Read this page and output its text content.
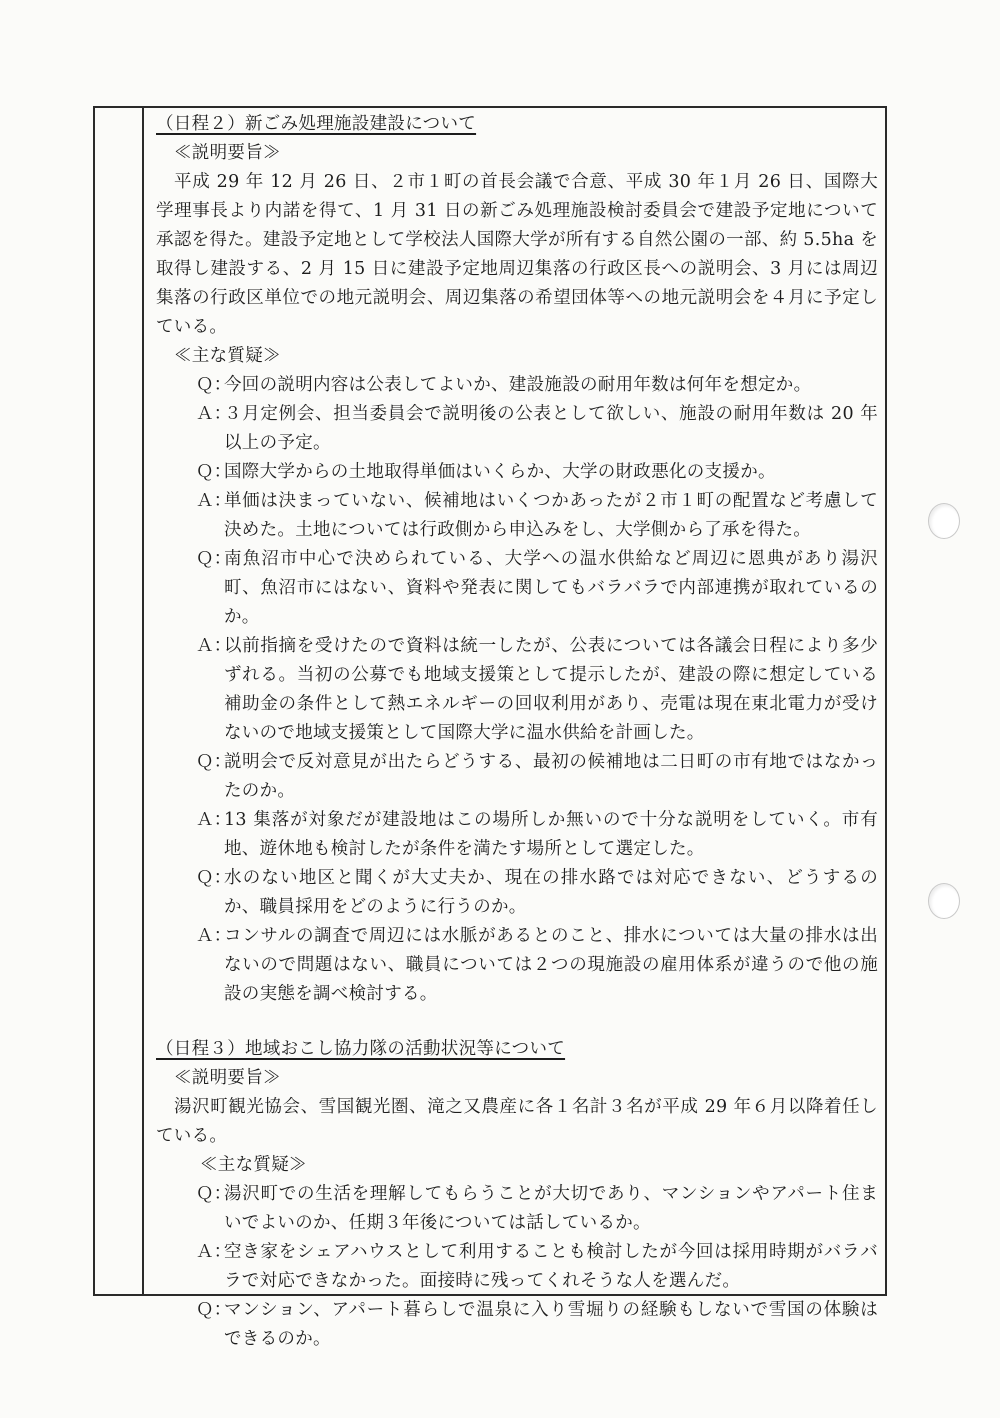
（日程２）新ごみ処理施設建設について
≪説明要旨≫
平成 29 年 12 月 26 日、２市１町の首長会議で合意、平成 30 年１月 26 日、国際大学理事長より内諾を得て、1 月 31 日の新ごみ処理施設検討委員会で建設予定地について承認を得た。建設予定地として学校法人国際大学が所有する自然公園の一部、約 5.5ha を取得し建設する、2 月 15 日に建設予定地周辺集落の行政区長への説明会、3 月には周辺集落の行政区単位での地元説明会、周辺集落の希望団体等への地元説明会を４月に予定している。
≪主な質疑≫
Ｑ：
今回の説明内容は公表してよいか、建設施設の耐用年数は何年を想定か。
Ａ：
３月定例会、担当委員会で説明後の公表として欲しい、施設の耐用年数は 20 年以上の予定。
Ｑ：
国際大学からの土地取得単価はいくらか、大学の財政悪化の支援か。
Ａ：
単価は決まっていない、候補地はいくつかあったが２市１町の配置など考慮して決めた。土地については行政側から申込みをし、大学側から了承を得た。
Ｑ：
南魚沼市中心で決められている、大学への温水供給など周辺に恩典があり湯沢町、魚沼市にはない、資料や発表に関してもバラバラで内部連携が取れているのか。
Ａ：
以前指摘を受けたので資料は統一したが、公表については各議会日程により多少ずれる。当初の公募でも地域支援策として提示したが、建設の際に想定している補助金の条件として熱エネルギーの回収利用があり、売電は現在東北電力が受けないので地域支援策として国際大学に温水供給を計画した。
Ｑ：
説明会で反対意見が出たらどうする、最初の候補地は二日町の市有地ではなかったのか。
Ａ：
13 集落が対象だが建設地はこの場所しか無いので十分な説明をしていく。市有地、遊休地も検討したが条件を満たす場所として選定した。
Ｑ：
水のない地区と聞くが大丈夫か、現在の排水路では対応できない、どうするのか、職員採用をどのように行うのか。
Ａ：
コンサルの調査で周辺には水脈があるとのこと、排水については大量の排水は出ないので問題はない、職員については２つの現施設の雇用体系が違うので他の施設の実態を調べ検討する。
（日程３）地域おこし協力隊の活動状況等について
≪説明要旨≫
湯沢町観光協会、雪国観光圏、滝之又農産に各１名計３名が平成 29 年６月以降着任している。
≪主な質疑≫
Ｑ：
湯沢町での生活を理解してもらうことが大切であり、マンションやアパート住まいでよいのか、任期３年後については話しているか。
Ａ：
空き家をシェアハウスとして利用することも検討したが今回は採用時期がバラバラで対応できなかった。面接時に残ってくれそうな人を選んだ。
Ｑ：
マンション、アパート暮らしで温泉に入り雪堀りの経験もしないで雪国の体験はできるのか。
